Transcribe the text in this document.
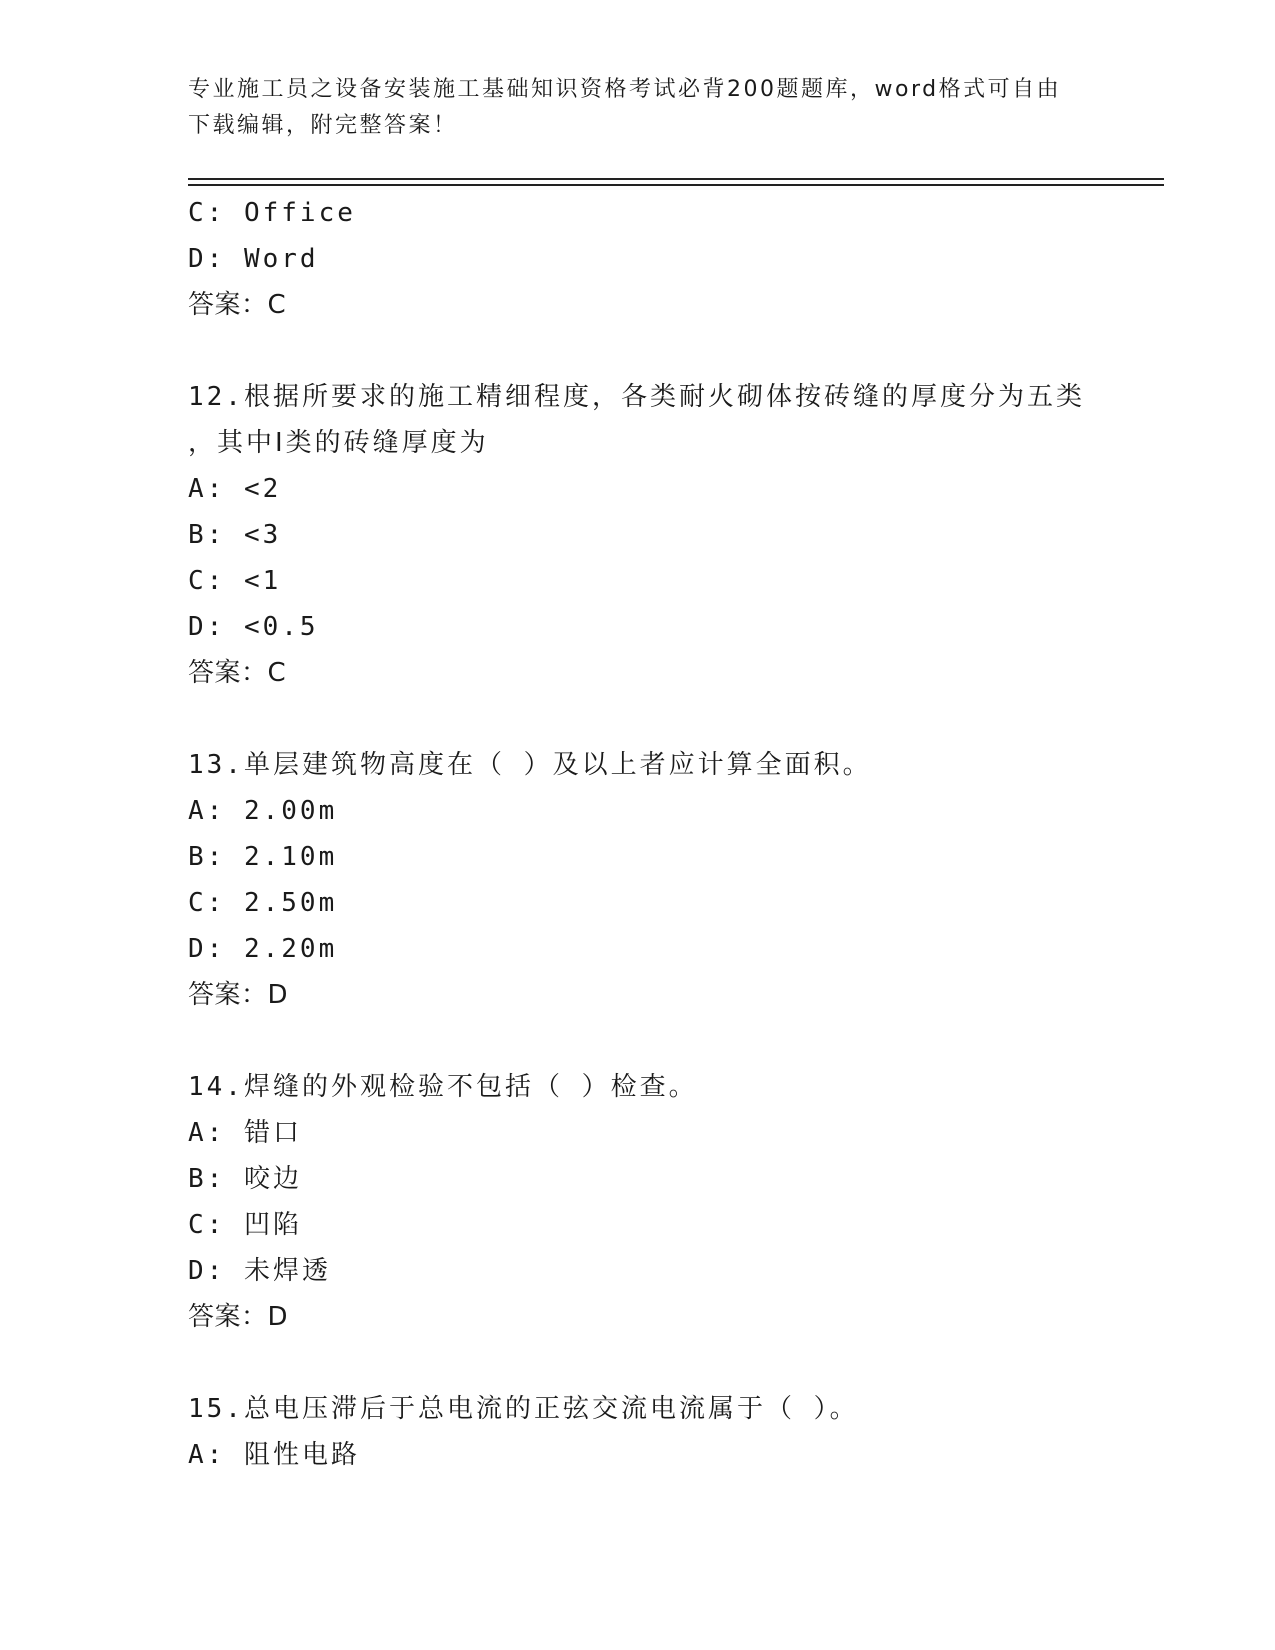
专业施工员之设备安装施工基础知识资格考试必背200题题库，word格式可自由
下载编辑，附完整答案！
C: Office
D: Word
答案：C
12.根据所要求的施工精细程度，各类耐火砌体按砖缝的厚度分为五类
，其中Ⅰ类的砖缝厚度为
A: <2
B: <3
C: <1
D: <0.5
答案：C
13.单层建筑物高度在（ ）及以上者应计算全面积。
A: 2.00m
B: 2.10m
C: 2.50m
D: 2.20m
答案：D
14.焊缝的外观检验不包括（ ）检查。
A: 错口
B: 咬边
C: 凹陷
D: 未焊透
答案：D
15.总电压滞后于总电流的正弦交流电流属于（ ）。
A: 阻性电路
